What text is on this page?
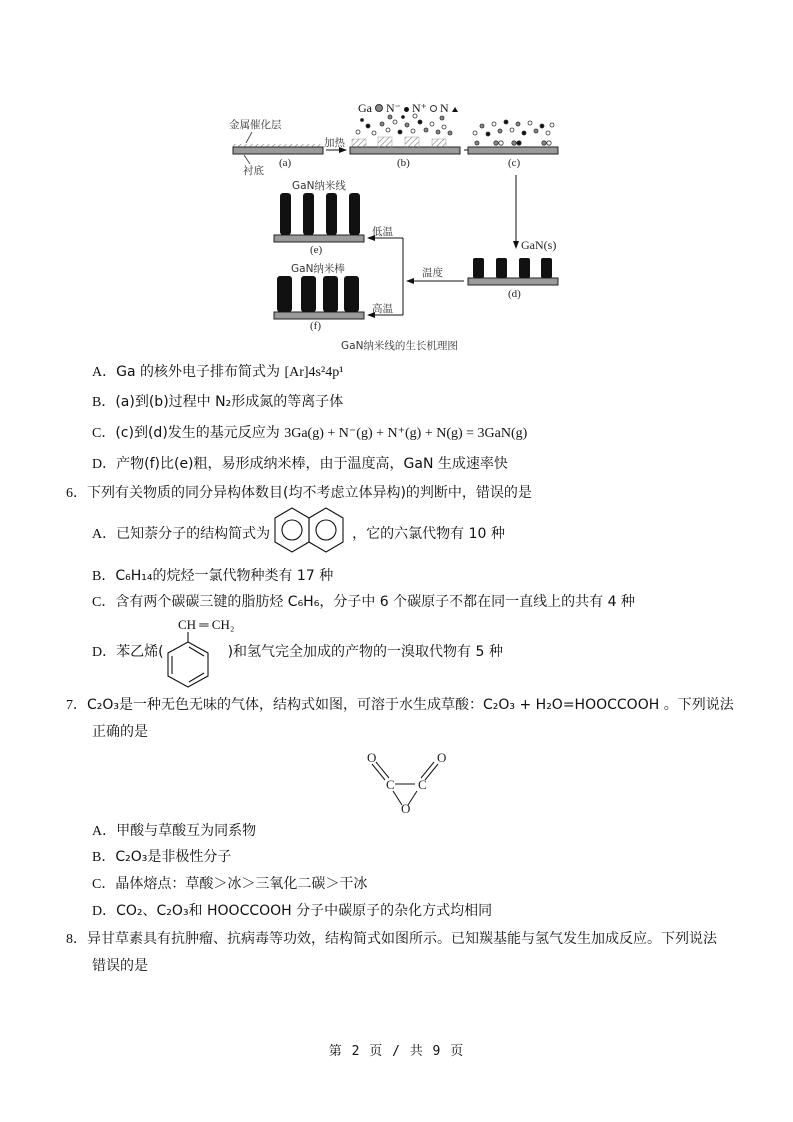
金属催化层
衬底
加热
Ga N⁻ N⁺ N
(a)	(b)	(c)
(d)
(e)
(f)
GaN(s)
温度
低温
高温
GaN纳米线
GaN纳米棒
GaN纳米线的生长机理图
A．Ga 的核外电子排布简式为 [Ar]4s²4p¹
B．(a)到(b)过程中 N₂形成氮的等离子体
C．(c)到(d)发生的基元反应为 3Ga(g) + N⁻(g) + N⁺(g) + N(g) = 3GaN(g)
D．产物(f)比(e)粗，易形成纳米棒，由于温度高，GaN 生成速率快
6．下列有关物质的同分异构体数目(均不考虑立体异构)的判断中，错误的是
A．已知萘分子的结构简式为	，它的六氯代物有 10 种
B．C₆H₁₄的烷烃一氯代物种类有 17 种
C．含有两个碳碳三键的脂肪烃 C₆H₆，分子中 6 个碳原子不都在同一直线上的共有 4 种
CH ═ CH₂
D．苯乙烯(	)和氢气完全加成的产物的一溴取代物有 5 种
7．C₂O₃是一种无色无味的气体，结构式如图，可溶于水生成草酸：C₂O₃ + H₂O=HOOCCOOH 。下列说法
正确的是
O	O
C C
O
A．甲酸与草酸互为同系物
B．C₂O₃是非极性分子
C．晶体熔点：草酸＞冰＞三氧化二碳＞干冰
D．CO₂、C₂O₃和 HOOCCOOH 分子中碳原子的杂化方式均相同
8．异甘草素具有抗肿瘤、抗病毒等功效，结构简式如图所示。已知羰基能与氢气发生加成反应。下列说法
错误的是
第 2 页 / 共 9 页
